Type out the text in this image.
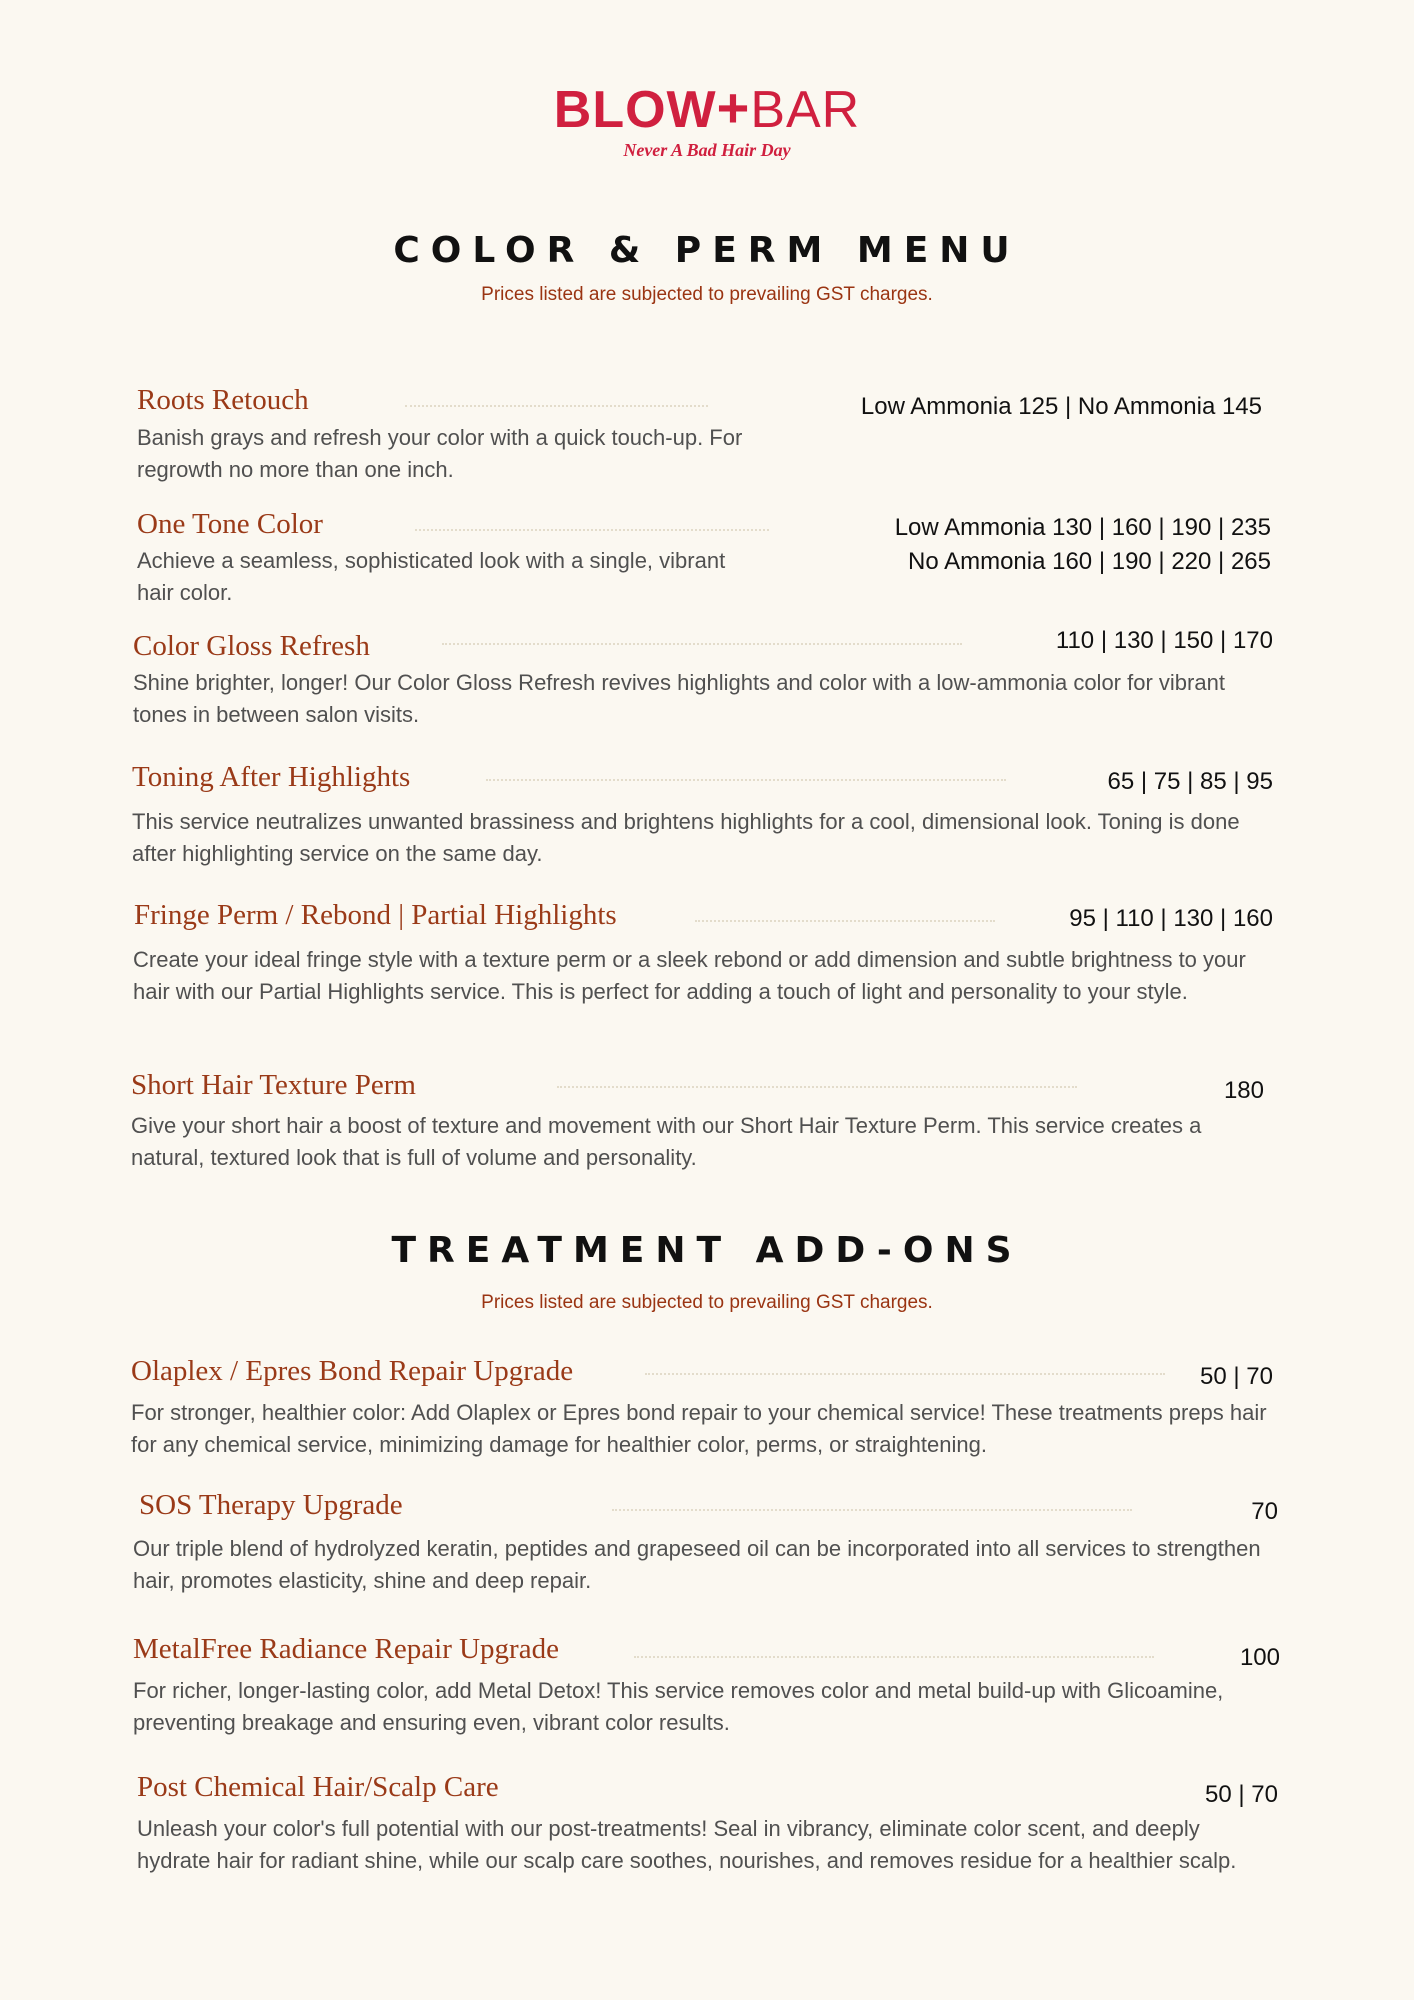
BLOW+BAR
Never A Bad Hair Day
COLOR & PERM MENU
Prices listed are subjected to prevailing GST charges.
Roots Retouch	Low Ammonia 125 | No Ammonia 145
Banish grays and refresh your color with a quick touch-up. For regrowth no more than one inch.
One Tone Color	Low Ammonia 130 | 160 | 190 | 235
No Ammonia 160 | 190 | 220 | 265
Achieve a seamless, sophisticated look with a single, vibrant hair color.
Color Gloss Refresh	110 | 130 | 150 | 170
Shine brighter, longer! Our Color Gloss Refresh revives highlights and color with a low-ammonia color for vibrant tones in between salon visits.
Toning After Highlights	65 | 75 | 85 | 95
This service neutralizes unwanted brassiness and brightens highlights for a cool, dimensional look. Toning is done after highlighting service on the same day.
Fringe Perm / Rebond | Partial Highlights	95 | 110 | 130 | 160
Create your ideal fringe style with a texture perm or a sleek rebond or add dimension and subtle brightness to your hair with our Partial Highlights service. This is perfect for adding a touch of light and personality to your style.
Short Hair Texture Perm	180
Give your short hair a boost of texture and movement with our Short Hair Texture Perm. This service creates a natural, textured look that is full of volume and personality.
TREATMENT ADD-ONS
Prices listed are subjected to prevailing GST charges.
Olaplex / Epres Bond Repair Upgrade	50 | 70
For stronger, healthier color: Add Olaplex or Epres bond repair to your chemical service! These treatments preps hair for any chemical service, minimizing damage for healthier color, perms, or straightening.
SOS Therapy Upgrade	70
Our triple blend of hydrolyzed keratin, peptides and grapeseed oil can be incorporated into all services to strengthen hair, promotes elasticity, shine and deep repair.
MetalFree Radiance Repair Upgrade	100
For richer, longer-lasting color, add Metal Detox! This service removes color and metal build-up with Glicoamine, preventing breakage and ensuring even, vibrant color results.
Post Chemical Hair/Scalp Care	50 | 70
Unleash your color's full potential with our post-treatments! Seal in vibrancy, eliminate color scent, and deeply hydrate hair for radiant shine, while our scalp care soothes, nourishes, and removes residue for a healthier scalp.
